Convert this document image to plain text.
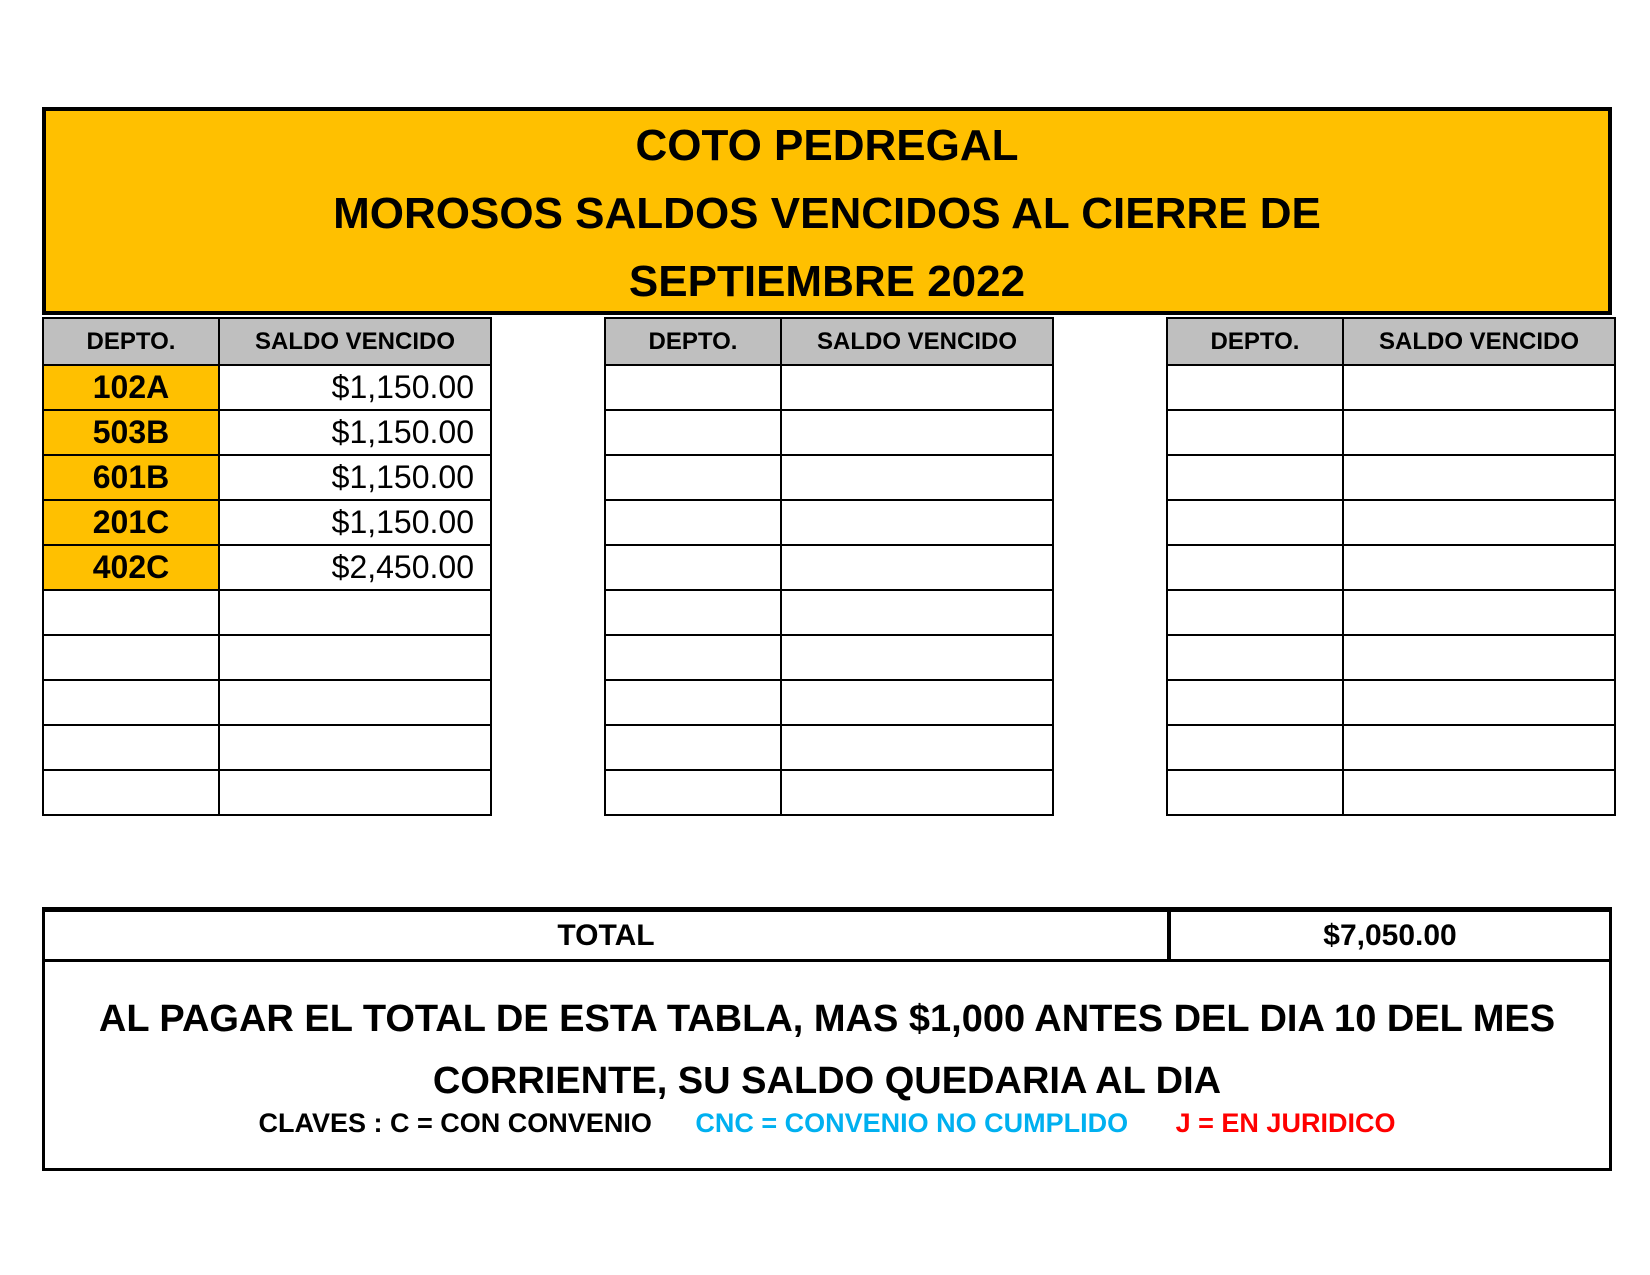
COTO PEDREGAL
MOROSOS SALDOS VENCIDOS AL CIERRE DE
SEPTIEMBRE 2022
DEPTO.	SALDO VENCIDO
102A	$1,150.00
503B	$1,150.00
601B	$1,150.00
201C	$1,150.00
402C	$2,450.00

DEPTO.	SALDO VENCIDO

		DEPTO.	SALDO VENCIDO

TOTAL	$7,050.00
AL PAGAR EL TOTAL DE ESTA TABLA, MAS $1,000 ANTES DEL DIA 10 DEL MES
CORRIENTE, SU SALDO QUEDARIA AL DIA
CLAVES : C = CON CONVENIO CNC = CONVENIO NO CUMPLIDO J = EN JURIDICO
